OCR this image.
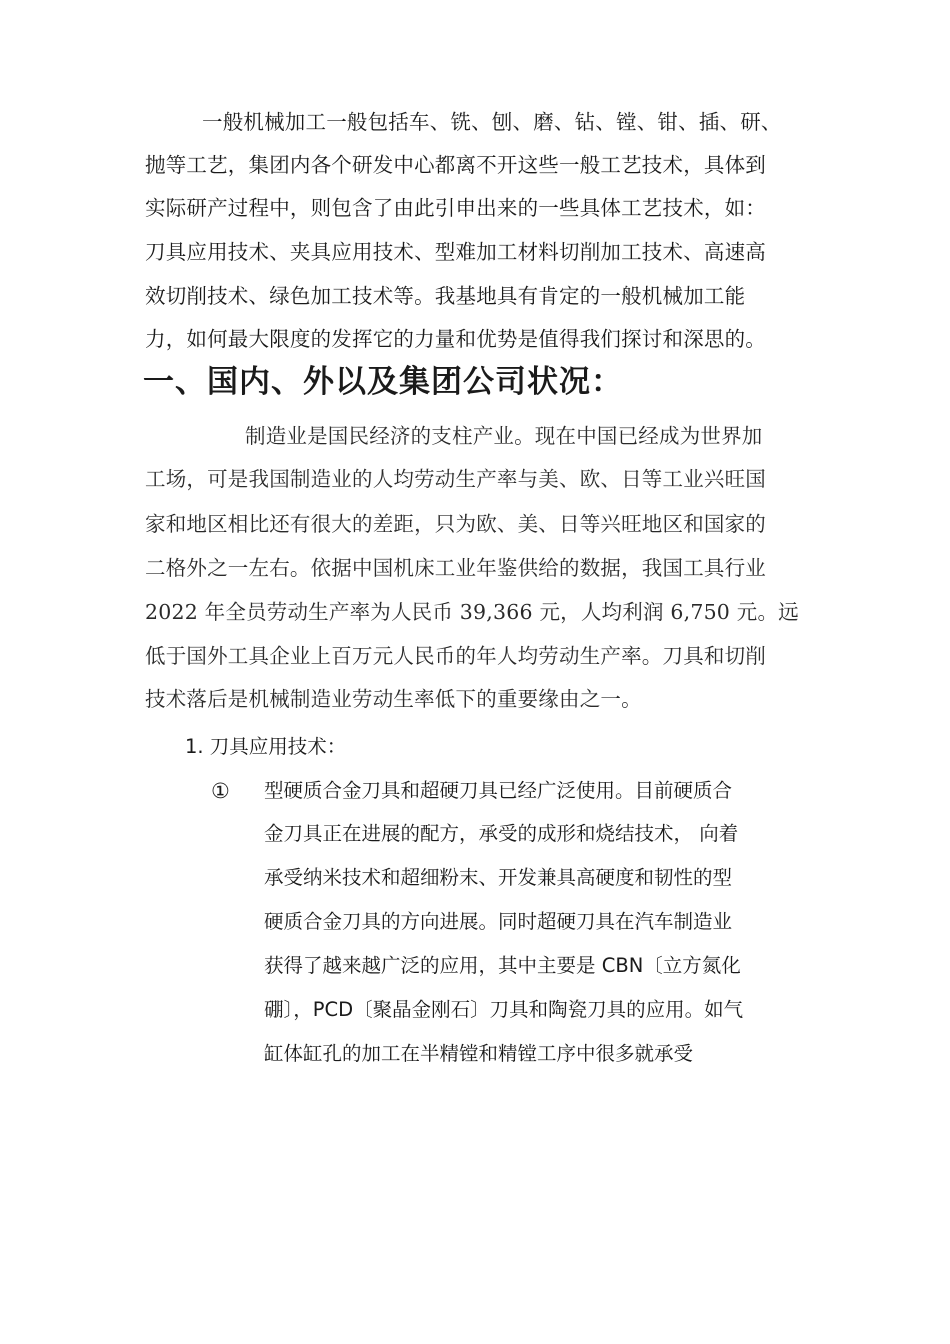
一般机械加工一般包括车、铣、刨、磨、钻、镗、钳、插、研、
抛等工艺，集团内各个研发中心都离不开这些一般工艺技术，具体到
实际研产过程中，则包含了由此引申出来的一些具体工艺技术，如：
刀具应用技术、夹具应用技术、型难加工材料切削加工技术、高速高
效切削技术、绿色加工技术等。我基地具有肯定的一般机械加工能
力，如何最大限度的发挥它的力量和优势是值得我们探讨和深思的。
一、国内、外以及集团公司状况：
制造业是国民经济的支柱产业。现在中国已经成为世界加
工场，可是我国制造业的人均劳动生产率与美、欧、日等工业兴旺国
家和地区相比还有很大的差距，只为欧、美、日等兴旺地区和国家的
二格外之一左右。依据中国机床工业年鉴供给的数据，我国工具行业
2022 年全员劳动生产率为人民币 39,366 元，人均利润 6,750 元。远
低于国外工具企业上百万元人民币的年人均劳动生产率。刀具和切削
技术落后是机械制造业劳动生率低下的重要缘由之一。
1. 刀具应用技术：
① 型硬质合金刀具和超硬刀具已经广泛使用。目前硬质合
金刀具正在进展的配方，承受的成形和烧结技术， 向着
承受纳米技术和超细粉末、开发兼具高硬度和韧性的型
硬质合金刀具的方向进展。同时超硬刀具在汽车制造业
获得了越来越广泛的应用，其中主要是 CBN〔立方氮化
硼〕，PCD〔聚晶金刚石〕刀具和陶瓷刀具的应用。如气
缸体缸孔的加工在半精镗和精镗工序中很多就承受
